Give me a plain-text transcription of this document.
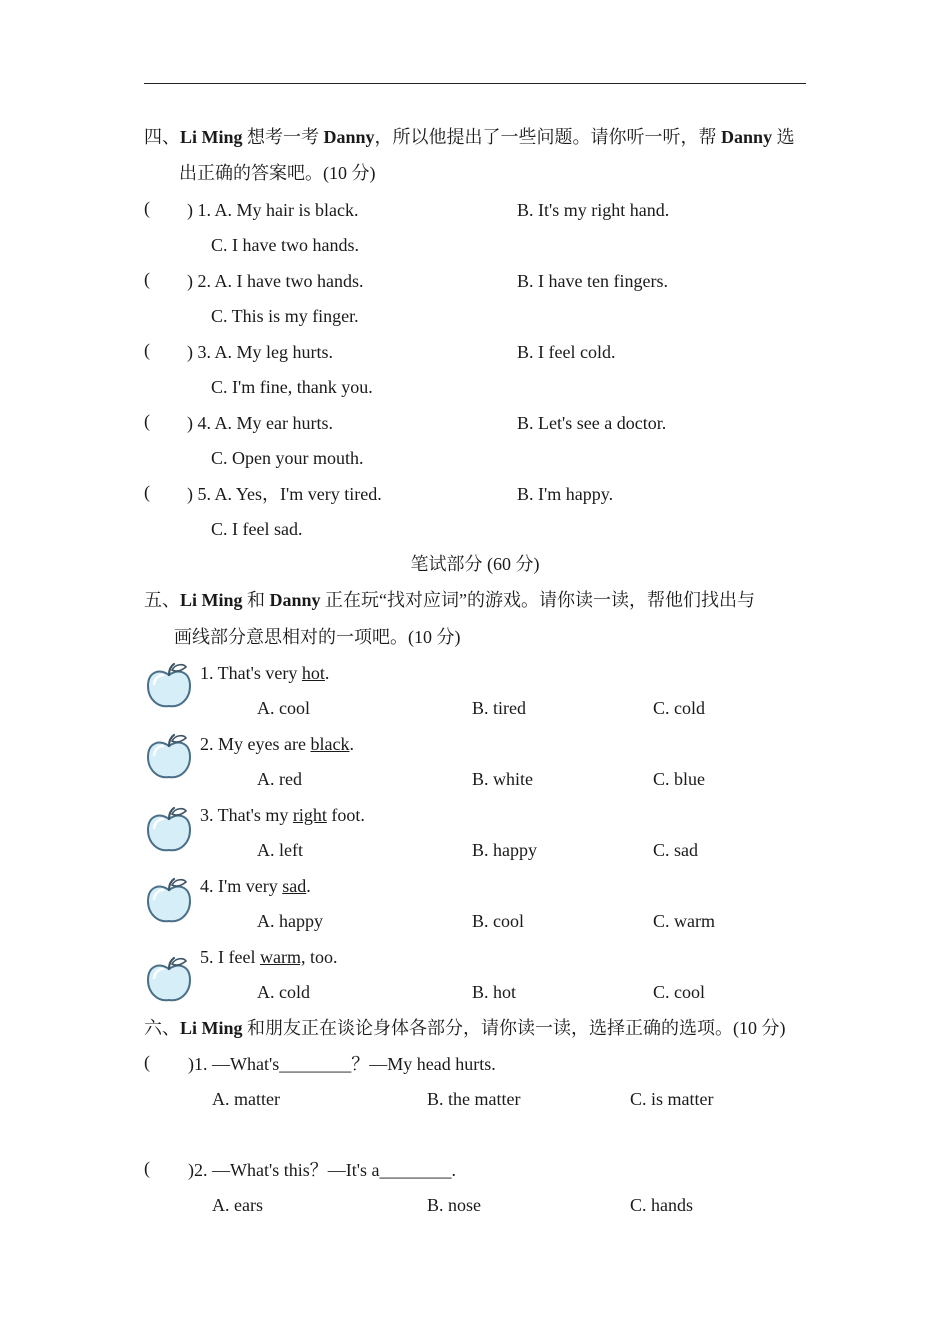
四、Li Ming 想考一考 Danny，所以他提出了一些问题。请你听一听，帮 Danny 选
出正确的答案吧。(10 分)
( ) 1. A. My hair is black.	B. It's my right hand.
C. I have two hands.
( ) 2. A. I have two hands.	B. I have ten fingers.
C. This is my finger.
( ) 3. A. My leg hurts.	B. I feel cold.
C. I'm fine, thank you.
( ) 4. A. My ear hurts.	B. Let's see a doctor.
C. Open your mouth.
( ) 5. A. Yes，I'm very tired.	B. I'm happy.
C. I feel sad.
笔试部分 (60 分)
五、Li Ming 和 Danny 正在玩“找对应词”的游戏。请你读一读，帮他们找出与
画线部分意思相对的一项吧。(10 分)
1. That's very hot.
A. cool	B. tired	C. cold
2. My eyes are black.
A. red	B. white	C. blue
3. That's my right foot.
A. left	B. happy	C. sad
4. I'm very sad.
A. happy	B. cool	C. warm
5. I feel warm, too.
A. cold	B. hot	C. cool
六、Li Ming 和朋友正在谈论身体各部分，请你读一读，选择正确的选项。(10 分)
( )1. —What's________？—My head hurts.
A. matter	B. the matter	C. is matter
( )2. —What's this？—It's a________.
A. ears	B. nose	C. hands
